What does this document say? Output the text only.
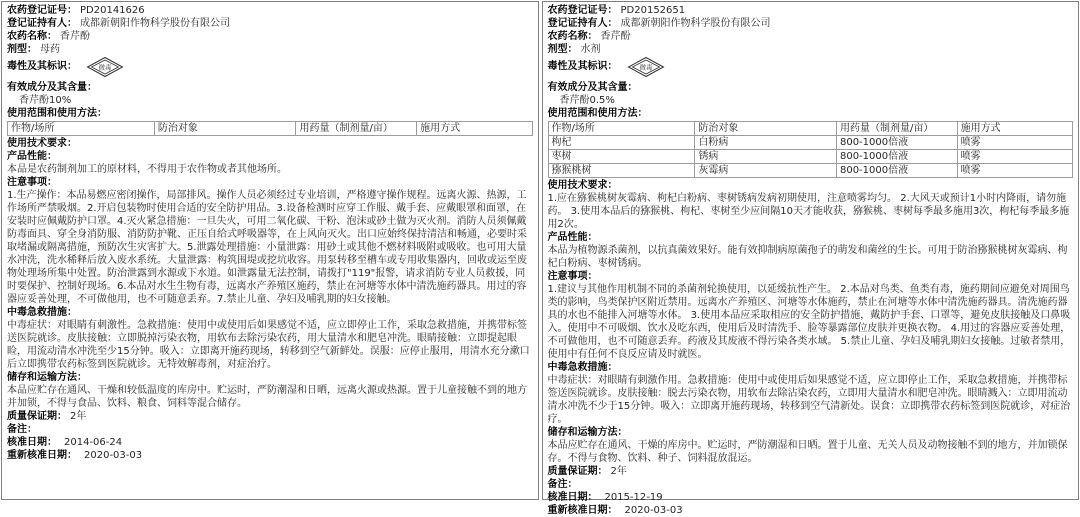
农药登记证号： PD20141626
登记证持有人： 成都新朝阳作物科学股份有限公司
农药名称： 香芹酚
剂型： 母药
毒性及其标识：	微毒
有效成分及其含量：
香芹酚10%
使用范围和使用方法：
作物/场所	防治对象	用药量（制剂量/亩）	施用方式
使用技术要求：
产品性能：

本品是农药制剂加工的原材料，不得用于农作物或者其他场所。

注意事项：

1.生产操作：本品易燃应密闭操作，局部排风。操作人员必须经过专业培训，严格遵守操作规程。远离火源、热源，工作场所严禁吸烟。2.开启包装物时使用合适的安全防护用品。3.设备检测时应穿工作服、戴手套、应戴眼罩和面罩，在安装时应佩戴防护口罩。4.灭火紧急措施：一旦失火，可用二氧化碳、干粉、泡沫或砂土做为灭火剂。消防人员须佩戴防毒面具、穿全身消防服、消防防护靴、正压自给式呼吸器等，在上风向灭火。出口应始终保持清洁和畅通，必要时采取堵漏或隔离措施，预防次生灾害扩大。5.泄露处理措施：小量泄露：用砂土或其他不燃材料吸附或吸收。也可用大量水冲洗，洗水稀释后放入废水系统。大量泄露：构筑围堤或挖坑收容。用泵转移至槽车或专用收集器内，回收或运至废物处理场所集中处置。防治泄露到水源或下水道。如泄露量无法控制，请拨打"119"报警，请求消防专业人员救援，同时要保护、控制好现场。6.本品对水生生物有毒，远离水产养殖区施药，禁止在河塘等水体中清洗施药器具。用过的容器应妥善处理，不可做他用，也不可随意丢弃。7.禁止儿童、孕妇及哺乳期的妇女接触。

中毒急救措施：

中毒症状：对眼睛有刺激性。急救措施：使用中或使用后如果感觉不适，应立即停止工作，采取急救措施，并携带标签送医院就诊。皮肤接触：立即脱掉污染衣物，用软布去除污染农药，用大量清水和肥皂冲洗。眼睛接触：立即提起眼睑，用流动清水冲洗至少15分钟。吸入：立即离开施药现场，转移到空气新鲜处。误服：应停止服用，用清水充分漱口后立即携带农药标签到医院就诊。无特效解毒剂，对症治疗。

储存和运输方法：

本品应贮存在通风、干燥和较低温度的库房中。贮运时，严防潮湿和日晒，远离火源或热源。置于儿童接触不到的地方并加锁，不得与食品、饮料、粮食、饲料等混合储存。

质量保证期： 2年
备注：
核准日期： 2014-06-24
重新核准日期： 2020-03-03
农药登记证号： PD20152651
登记证持有人： 成都新朝阳作物科学股份有限公司
农药名称： 香芹酚
剂型： 水剂
毒性及其标识：	微毒
有效成分及其含量：
香芹酚0.5%
使用范围和使用方法：
作物/场所	防治对象	用药量（制剂量/亩）	施用方式
枸杞	白粉病	800-1000倍液	喷雾
枣树	锈病	800-1000倍液	喷雾
猕猴桃树	灰霉病	800-1000倍液	喷雾
使用技术要求：

1.应在猕猴桃树灰霉病、枸杞白粉病、枣树锈病发病初期使用，注意喷雾均匀。 2.大风天或预计1小时内降雨，请勿施药。 3.使用本品后的猕猴桃、枸杞、枣树至少应间隔10天才能收获，猕猴桃、枣树每季最多施用3次，枸杞每季最多施用2次。

产品性能：

本品为植物源杀菌剂，以抗真菌效果好。能有效抑制病原菌孢子的萌发和菌丝的生长。可用于防治猕猴桃树灰霉病、枸杞白粉病、枣树锈病。

注意事项：

1.建议与其他作用机制不同的杀菌剂轮换使用，以延缓抗性产生。 2.本品对鸟类、鱼类有毒，施药期间应避免对周围鸟类的影响，鸟类保护区附近禁用。远离水产养殖区、河塘等水体施药，禁止在河塘等水体中清洗施药器具。清洗施药器具的水也不能排入河塘等水体。 3.使用本品应采取相应的安全防护措施，戴防护手套、口罩等，避免皮肤接触及口鼻吸入。使用中不可吸烟、饮水及吃东西，使用后及时清洗手、脸等暴露部位皮肤并更换衣物。 4.用过的容器应妥善处理，不可做他用，也不可随意丢弃。药液及其废液不得污染各类水域。 5.禁止儿童、孕妇及哺乳期妇女接触。过敏者禁用，使用中有任何不良反应请及时就医。

中毒急救措施：

中毒症状：对眼睛有刺激作用。急救措施：使用中或使用后如果感觉不适，应立即停止工作，采取急救措施，并携带标签送医院就诊。皮肤接触：脱去污染衣物，用软布去除沾染农药，立即用大量清水和肥皂冲洗。眼睛溅入：立即用流动清水冲洗不少于15分钟。吸入：立即离开施药现场，转移到空气清新处。误食：立即携带农药标签到医院就诊，对症治疗。

储存和运输方法：

本品应贮存在通风、干燥的库房中。贮运时，严防潮湿和日晒。置于儿童、无关人员及动物接触不到的地方，并加锁保存。不得与食物、饮料、种子、饲料混放混运。

质量保证期： 2年
备注：
核准日期： 2015-12-19
重新核准日期： 2020-03-03
